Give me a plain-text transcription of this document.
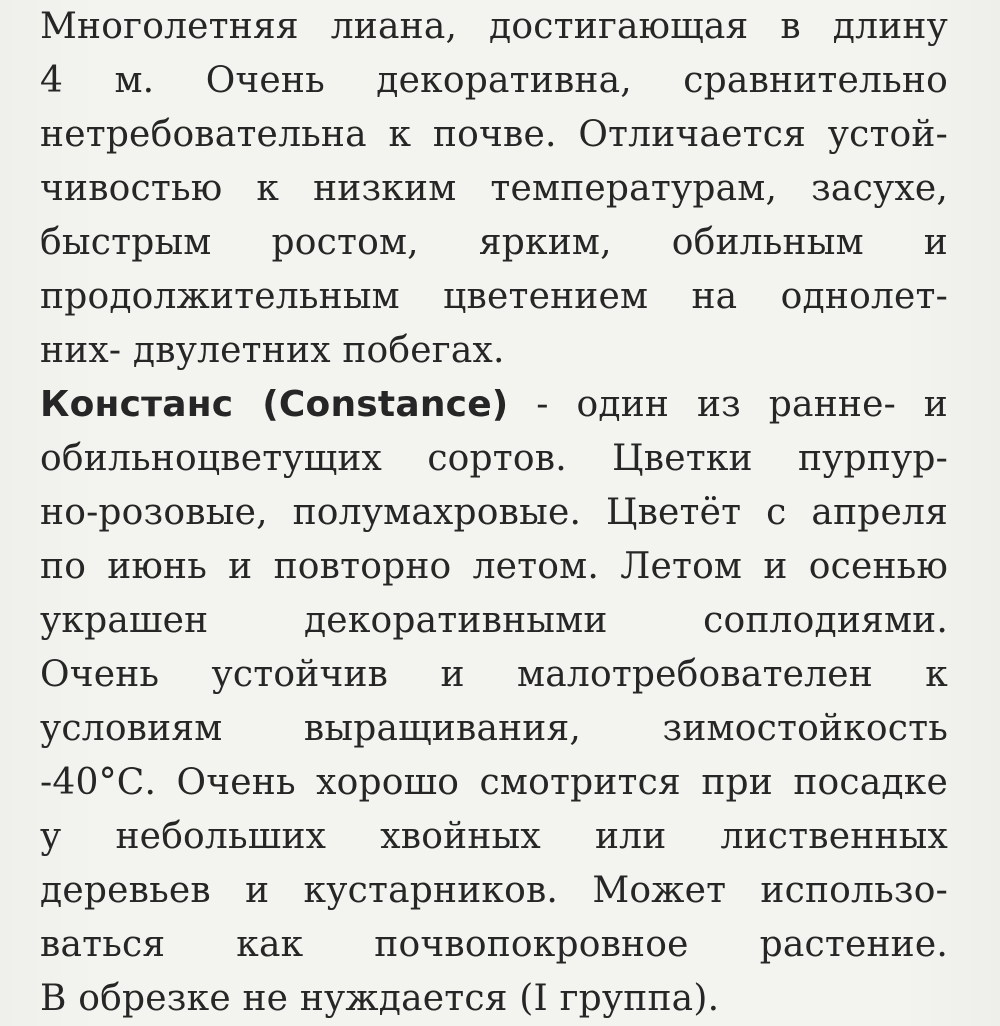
Многолетняя лиана, достигающая в длину
4 м. Очень декоративна, сравнительно
нетребовательна к почве. Отличается устой-
чивостью к низким температурам, засухе,
быстрым ростом, ярким, обильным и
продолжительным цветением на однолет-
них- двулетних побегах.
Констанс (Constance) - один из ранне- и
обильноцветущих сортов. Цветки пурпур-
но-розовые, полумахровые. Цветёт с апреля
по июнь и повторно летом. Летом и осенью
украшен декоративными соплодиями.
Очень устойчив и малотребователен к
условиям выращивания, зимостойкость
-40°С. Очень хорошо смотрится при посадке
у небольших хвойных или лиственных
деревьев и кустарников. Может использо-
ваться как почвопокровное растение.
В обрезке не нуждается (I группа).
